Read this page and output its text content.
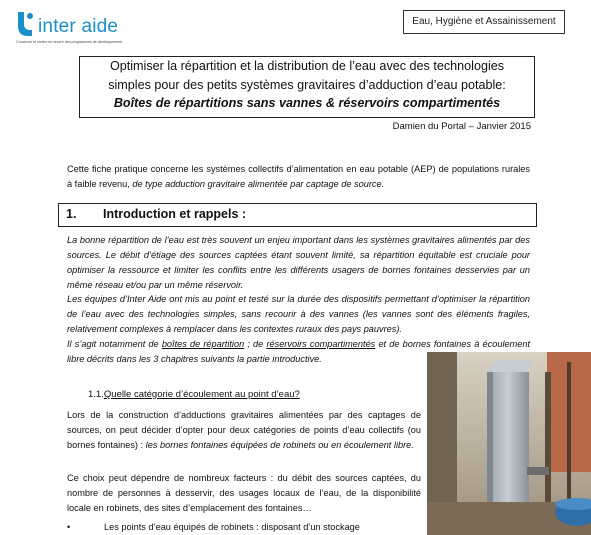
inter aide
Concevoir et mettre en œuvre des programmes de développement
Eau, Hygiène et Assainissement
Optimiser la répartition et la distribution de l’eau avec des technologies
simples pour des petits systèmes gravitaires d’adduction d’eau potable:
Boîtes de répartitions sans vannes & réservoirs compartimentés
Damien du Portal – Janvier 2015
Cette fiche pratique concerne les systèmes collectifs d’alimentation en eau potable (AEP) de populations rurales à faible revenu, de type adduction gravitaire alimentée par captage de source.
1. Introduction et rappels :
La bonne répartition de l’eau est très souvent un enjeu important dans les systèmes gravitaires alimentés par des sources. Le débit d’étiage des sources captées étant souvent limité, sa répartition équitable est cruciale pour optimiser la ressource et limiter les conflits entre les différents usagers de bornes fontaines desservies par un même réseau et/ou par un même réservoir.
Les équipes d’Inter Aide ont mis au point et testé sur la durée des dispositifs permettant d’optimiser la répartition de l’eau avec des technologies simples, sans recourir à des vannes (les vannes sont des éléments fragiles, relativement complexes à remplacer dans les contextes ruraux des pays pauvres).
Il s’agit notamment de boîtes de répartition ; de réservoirs compartimentés et de bornes fontaines à écoulement libre décrits dans les 3 chapitres suivants la partie introductive.
1.1.Quelle catégorie d’écoulement au point d’eau?
Lors de la construction d’adductions gravitaires alimentées par des captages de sources, on peut décider d’opter pour deux catégories de points d’eau collectifs (ou bornes fontaines) : les bornes fontaines équipées de robinets ou en écoulement libre.
Ce choix peut dépendre de nombreux facteurs : du débit des sources captées, du nombre de personnes à desservir, des usages locaux de l’eau, de la disponibilité locale en robinets, des sites d’emplacement des fontaines…
•	Les points d’eau équipés de robinets : disposant d’un stockage
